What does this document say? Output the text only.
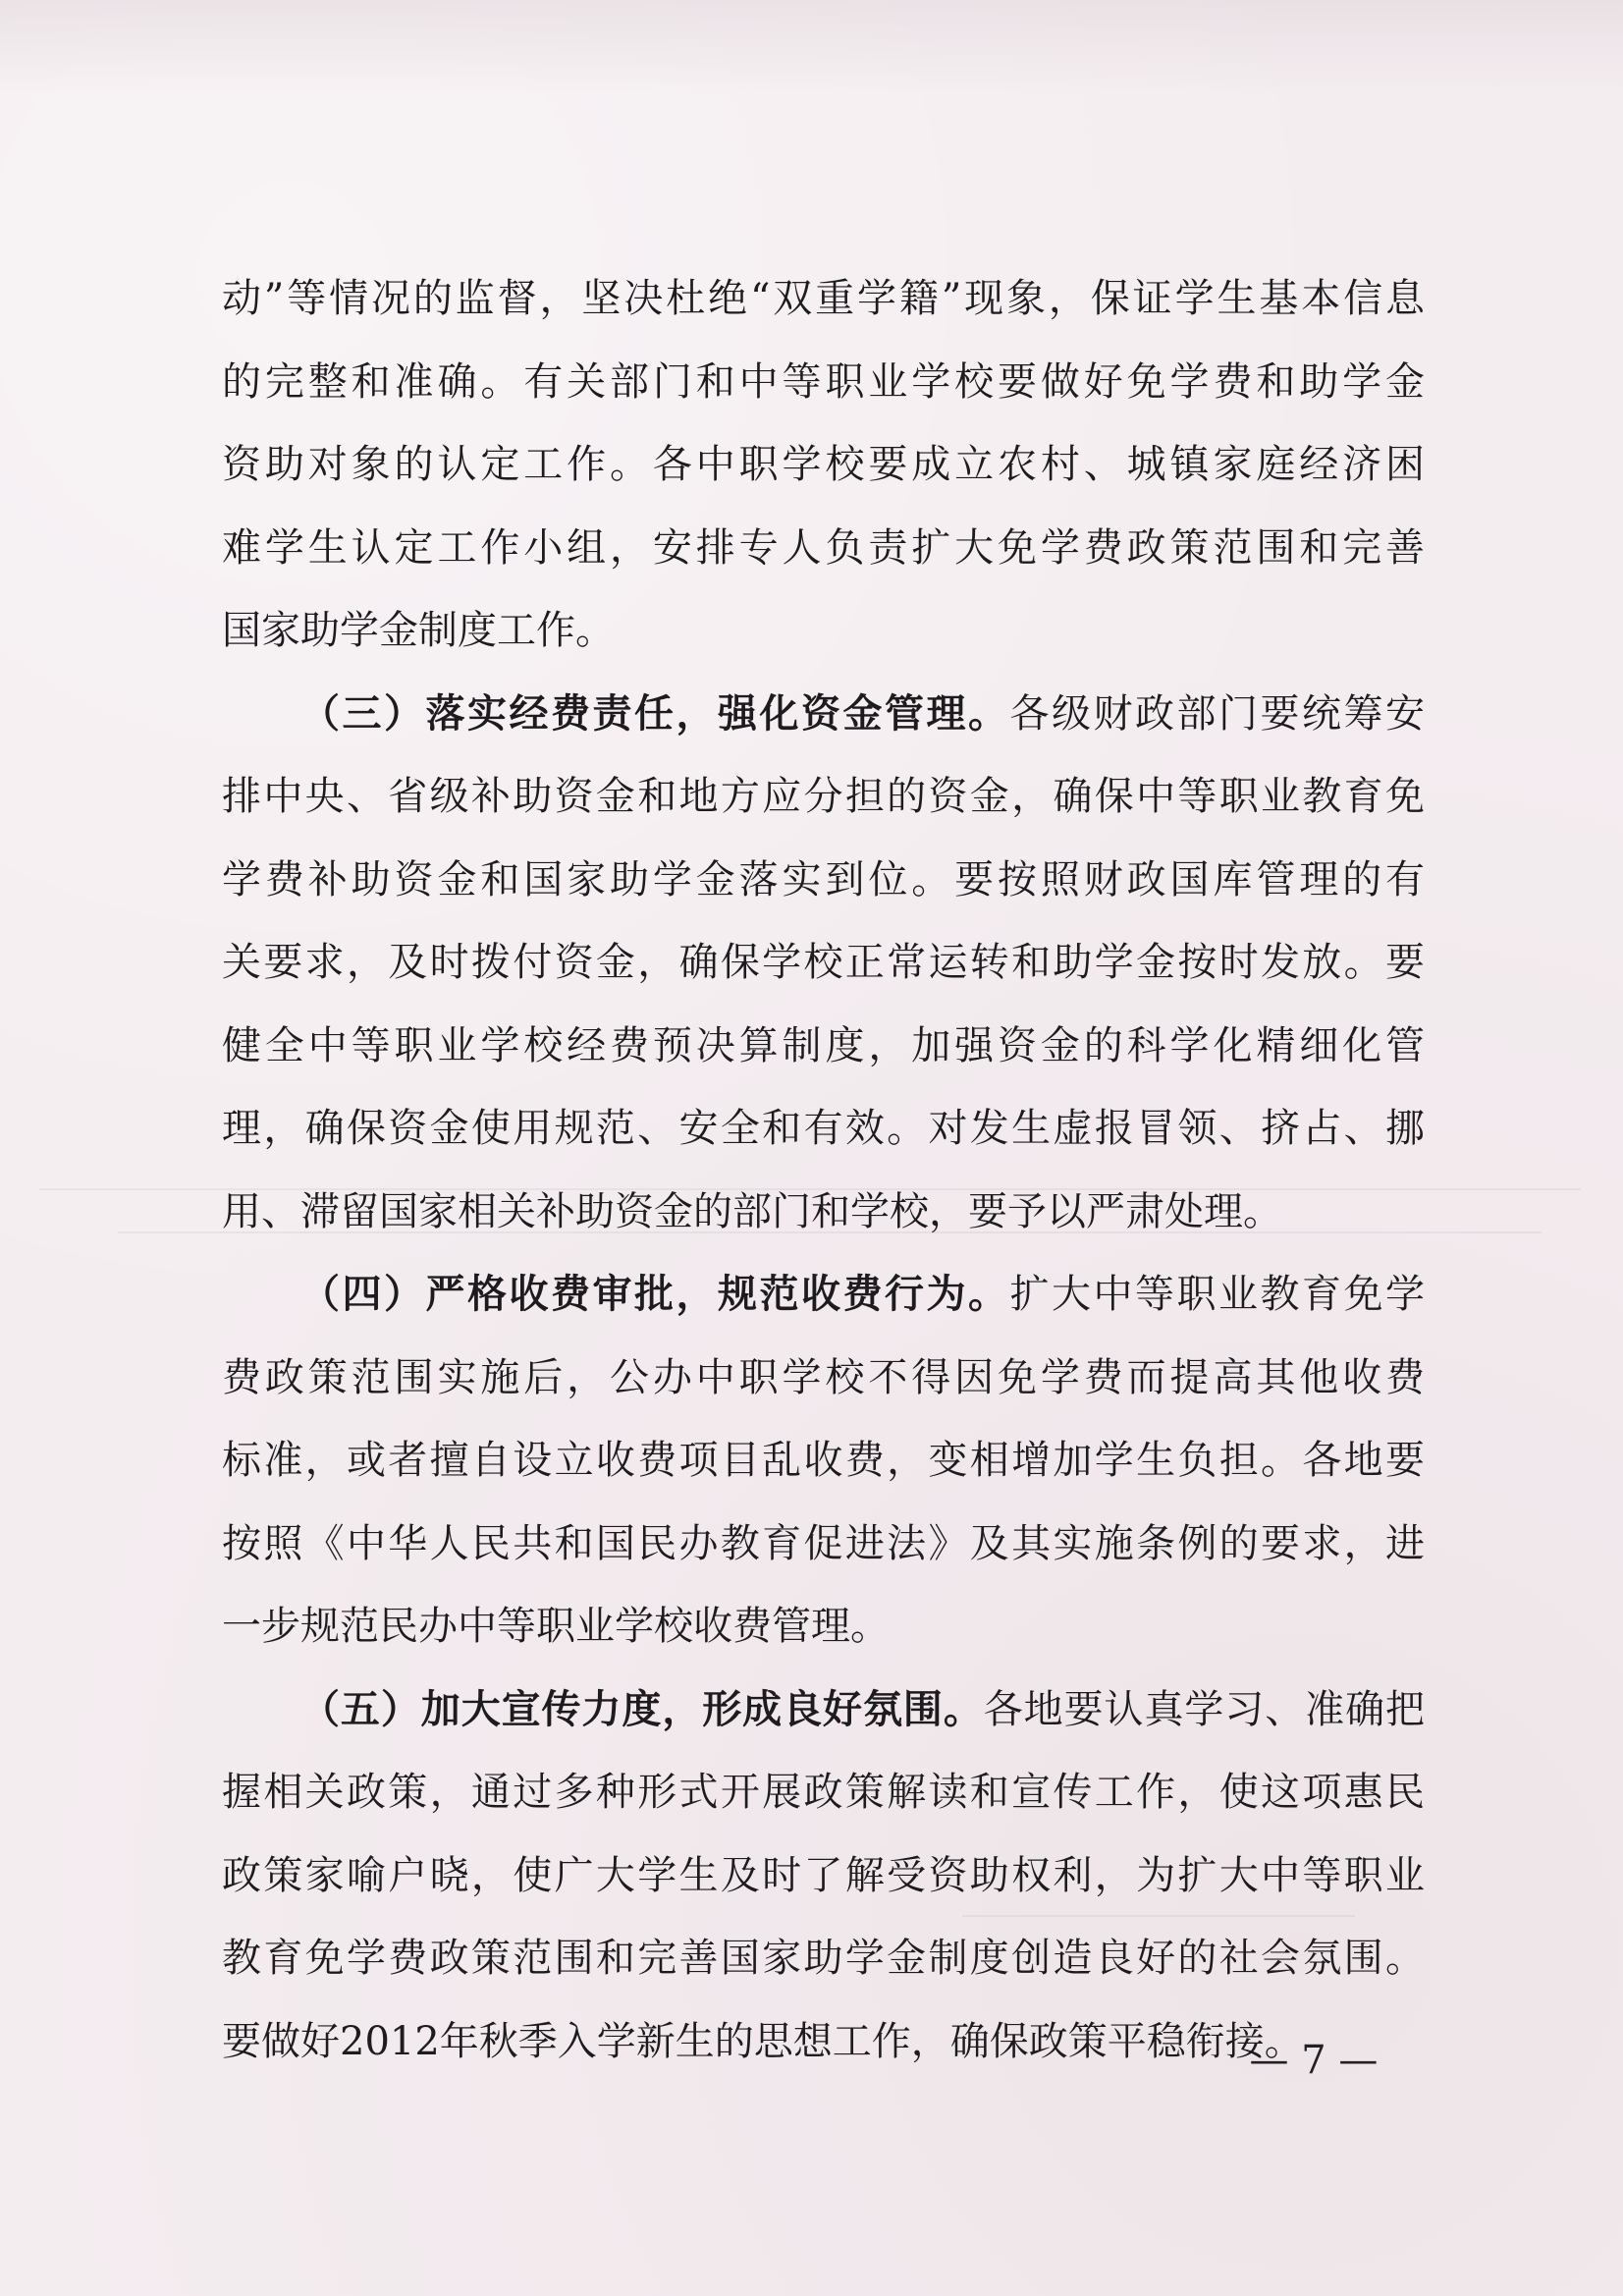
动”等情况的监督，坚决杜绝“双重学籍”现象，保证学生基本信息
的完整和准确。有关部门和中等职业学校要做好免学费和助学金
资助对象的认定工作。各中职学校要成立农村、城镇家庭经济困
难学生认定工作小组，安排专人负责扩大免学费政策范围和完善
国家助学金制度工作。
（三）落实经费责任，强化资金管理。各级财政部门要统筹安
排中央、省级补助资金和地方应分担的资金，确保中等职业教育免
学费补助资金和国家助学金落实到位。要按照财政国库管理的有
关要求，及时拨付资金，确保学校正常运转和助学金按时发放。要
健全中等职业学校经费预决算制度，加强资金的科学化精细化管
理，确保资金使用规范、安全和有效。对发生虚报冒领、挤占、挪
用、滞留国家相关补助资金的部门和学校，要予以严肃处理。
（四）严格收费审批，规范收费行为。扩大中等职业教育免学
费政策范围实施后，公办中职学校不得因免学费而提高其他收费
标准，或者擅自设立收费项目乱收费，变相增加学生负担。各地要
按照《中华人民共和国民办教育促进法》及其实施条例的要求，进
一步规范民办中等职业学校收费管理。
（五）加大宣传力度，形成良好氛围。各地要认真学习、准确把
握相关政策，通过多种形式开展政策解读和宣传工作，使这项惠民
政策家喻户晓，使广大学生及时了解受资助权利，为扩大中等职业
教育免学费政策范围和完善国家助学金制度创造良好的社会氛围。
要做好2012年秋季入学新生的思想工作，确保政策平稳衔接。
— 7 —
